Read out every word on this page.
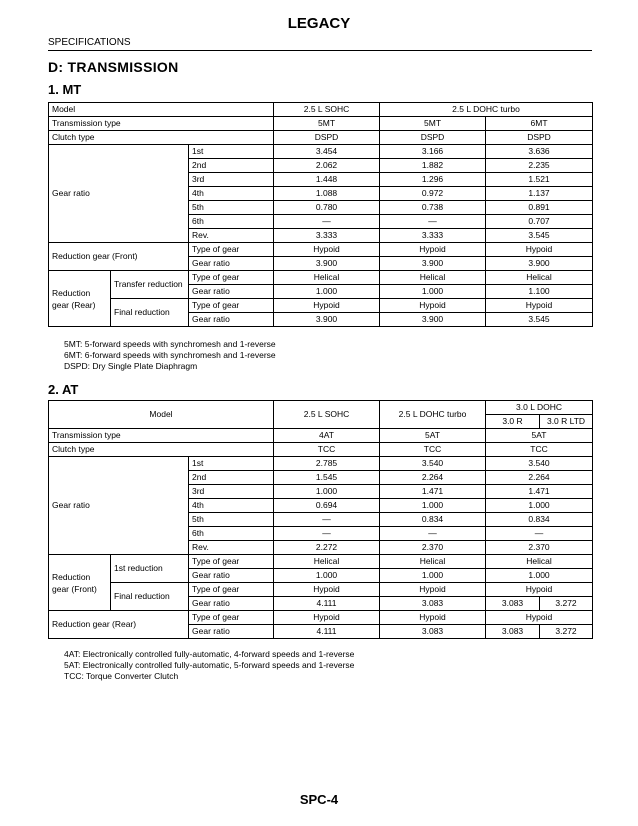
LEGACY
SPECIFICATIONS
D: TRANSMISSION
1. MT
Model			2.5 L SOHC	2.5 L DOHC turbo	
Transmission type			5MT	5MT	6MT
Clutch type			DSPD	DSPD	DSPD
Gear ratio		1st	3.454	3.166	3.636
		2nd	2.062	1.882	2.235
		3rd	1.448	1.296	1.521
		4th	1.088	0.972	1.137
		5th	0.780	0.738	0.891
		6th	—	—	0.707
		Rev.	3.333	3.333	3.545
Reduction gear (Front)		Type of gear	Hypoid	Hypoid	Hypoid
		Gear ratio	3.900	3.900	3.900
Reduction gear (Rear)	Transfer reduction	Type of gear	Helical	Helical	Helical
		Gear ratio	1.000	1.000	1.100
	Final reduction	Type of gear	Hypoid	Hypoid	Hypoid
		Gear ratio	3.900	3.900	3.545
5MT: 5-forward speeds with synchromesh and 1-reverse
6MT: 6-forward speeds with synchromesh and 1-reverse
DSPD: Dry Single Plate Diaphragm
2. AT
Model			2.5 L SOHC	2.5 L DOHC turbo	3.0 L DOHC	
					3.0 R	3.0 R LTD
Transmission type			4AT	5AT	5AT	
Clutch type			TCC	TCC	TCC	
Gear ratio		1st	2.785	3.540	3.540	
		2nd	1.545	2.264	2.264	
		3rd	1.000	1.471	1.471	
		4th	0.694	1.000	1.000	
		5th	—	0.834	0.834	
		6th	—	—	—	
		Rev.	2.272	2.370	2.370	
Reduction gear (Front)	1st reduction	Type of gear	Helical	Helical	Helical	
		Gear ratio	1.000	1.000	1.000	
	Final reduction	Type of gear	Hypoid	Hypoid	Hypoid	
		Gear ratio	4.111	3.083	3.083	3.272
Reduction gear (Rear)		Type of gear	Hypoid	Hypoid	Hypoid	
		Gear ratio	4.111	3.083	3.083	3.272
4AT: Electronically controlled fully-automatic, 4-forward speeds and 1-reverse
5AT: Electronically controlled fully-automatic, 5-forward speeds and 1-reverse
TCC: Torque Converter Clutch
SPC-4
